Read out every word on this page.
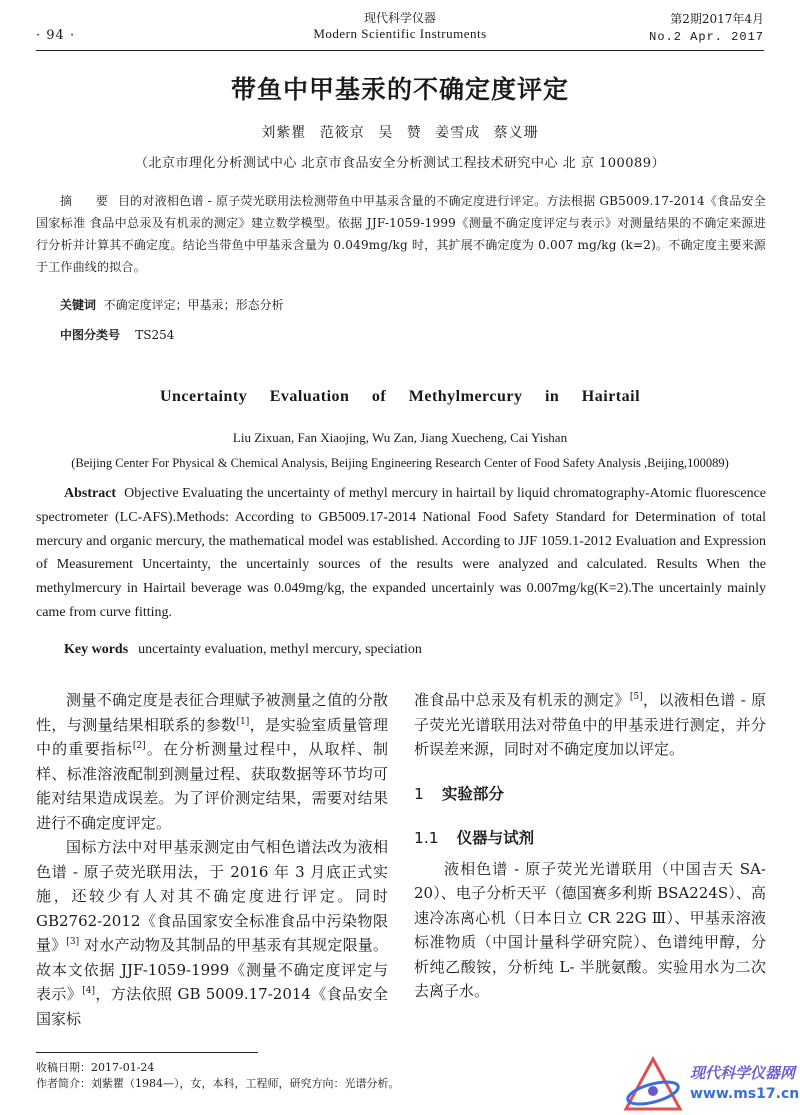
· 94 ·
现代科学仪器
Modern Scientific Instruments
第2期2017年4月
No.2 Apr. 2017
带鱼中甲基汞的不确定度评定
刘紫瞿 范筱京 吴 赞 姜雪成 蔡义珊
（北京市理化分析测试中心 北京市食品安全分析测试工程技术研究中心 北 京 100089）
摘 要目的对液相色谱 - 原子荧光联用法检测带鱼中甲基汞含量的不确定度进行评定。方法根据 GB5009.17-2014《食品安全国家标准 食品中总汞及有机汞的测定》建立数学模型。依据 JJF-1059-1999《测量不确定度评定与表示》对测量结果的不确定来源进行分析并计算其不确定度。结论当带鱼中甲基汞含量为 0.049mg/kg 时，其扩展不确定度为 0.007 mg/kg (k=2)。不确定度主要来源于工作曲线的拟合。
关键词 不确定度评定；甲基汞；形态分析
中图分类号 TS254
Uncertainty Evaluation of Methylmercury in Hairtail
Liu Zixuan, Fan Xiaojing, Wu Zan, Jiang Xuecheng, Cai Yishan
(Beijing Center For Physical & Chemical Analysis, Beijing Engineering Research Center of Food Safety Analysis ,Beijing,100089)
Abstract Objective Evaluating the uncertainty of methyl mercury in hairtail by liquid chromatography-Atomic fluorescence spectrometer (LC-AFS).Methods: According to GB5009.17-2014 National Food Safety Standard for Determination of total mercury and organic mercury, the mathematical model was established. According to JJF 1059.1-2012 Evaluation and Expression of Measurement Uncertainty, the uncertainly sources of the results were analyzed and calculated. Results When the methylmercury in Hairtail beverage was 0.049mg/kg, the expanded uncertainly was 0.007mg/kg(K=2).The uncertainly mainly came from curve fitting.
Key words uncertainty evaluation, methyl mercury, speciation

测量不确定度是表征合理赋予被测量之值的分散性，与测量结果相联系的参数[1]，是实验室质量管理中的重要指标[2]。在分析测量过程中，从取样、制样、标准溶液配制到测量过程、获取数据等环节均可能对结果造成误差。为了评价测定结果，需要对结果进行不确定度评定。

国标方法中对甲基汞测定由气相色谱法改为液相色谱 - 原子荧光联用法，于 2016 年 3 月底正式实施，还较少有人对其不确定度进行评定。同时 GB2762-2012《食品国家安全标准食品中污染物限量》[3] 对水产动物及其制品的甲基汞有其规定限量。故本文依据 JJF-1059-1999《测量不确定度评定与表示》[4]，方法依照 GB 5009.17-2014《食品安全国家标

准食品中总汞及有机汞的测定》[5]，以液相色谱 - 原子荧光光谱联用法对带鱼中的甲基汞进行测定，并分析误差来源，同时对不确定度加以评定。

1 实验部分
1.1 仪器与试剂

液相色谱 - 原子荧光光谱联用（中国吉天 SA-20）、电子分析天平（德国赛多利斯 BSA224S）、高速冷冻离心机（日本日立 CR 22G Ⅲ）、甲基汞溶液标准物质（中国计量科学研究院）、色谱纯甲醇，分析纯乙酸铵，分析纯 L- 半胱氨酸。实验用水为二次去离子水。

收稿日期：2017-01-24
作者简介：刘紫瞿（1984—），女，本科，工程师，研究方向：光谱分析。
现代科学仪器网
www.ms17.cn
